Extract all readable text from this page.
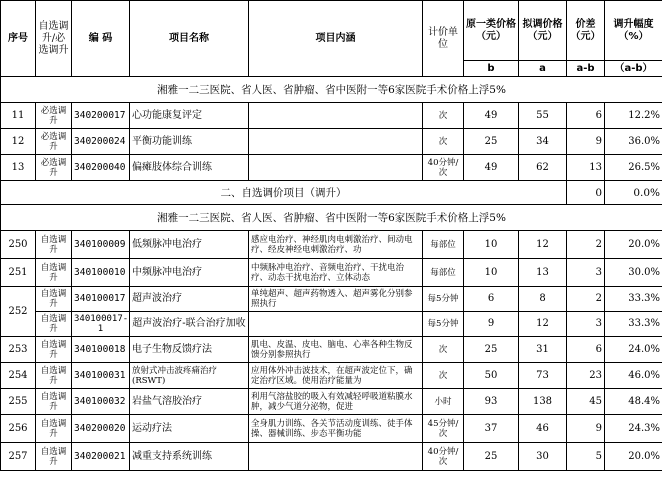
序号	自选调升/必选调升	编 码	项目名称	项目内涵	计价单位	原一类价格（元）	拟调价格（元）	价差（元）	调升幅度（%）
						b	a	a-b	（a-b）
湘雅一二三医院、省人医、省肿瘤、省中医附一等6家医院手术价格上浮5%									
11	必选调升	340200017	心功能康复评定		次	49	55	6	12.2%
12	必选调升	340200024	平衡功能训练		次	25	34	9	36.0%
13	必选调升	340200040	偏瘫肢体综合训练		40分钟/次	49	62	13	26.5%
二、自选调价项目（调升）								0	0.0%
湘雅一二三医院、省人医、省肿瘤、省中医附一等6家医院手术价格上浮5%									
250	自选调升	340100009	低频脉冲电治疗	感应电治疗、神经肌肉电刺激治疗、间动电疗、经皮神经电刺激治疗、功	每部位	10	12	2	20.0%
251	自选调升	340100010	中频脉冲电治疗	中频脉冲电治疗、音频电治疗、干扰电治疗、动态干扰电治疗、立体动态	每部位	10	13	3	30.0%
252	自选调升	340100017	超声波治疗	单纯超声、超声药物透入、超声雾化分别参照执行	每5分钟	6	8	2	33.3%
	自选调升	340100017-1	超声波治疗-联合治疗加收		每5分钟	9	12	3	33.3%
253	自选调升	340100018	电子生物反馈疗法	肌电、皮温、皮电、脑电、心率各种生物反馈分别参照执行	次	25	31	6	24.0%
254	自选调升	340100031	放射式冲击波疼痛治疗(RSWT)	应用体外冲击波技术，在超声波定位下，确定治疗区域。使用治疗能量为	次	50	73	23	46.0%
255	自选调升	340100032	岩盐气溶胶治疗	利用气溶盐胶的吸入有效减轻呼吸道粘膜水肿，减少气道分泌物，促进	小时	93	138	45	48.4%
256	自选调升	340200020	运动疗法	全身肌力训练、各关节活动度训练、徒手体操、器械训练、步态平衡功能	45分钟/次	37	46	9	24.3%
257	自选调升	340200021	减重支持系统训练		40分钟/次	25	30	5	20.0%
